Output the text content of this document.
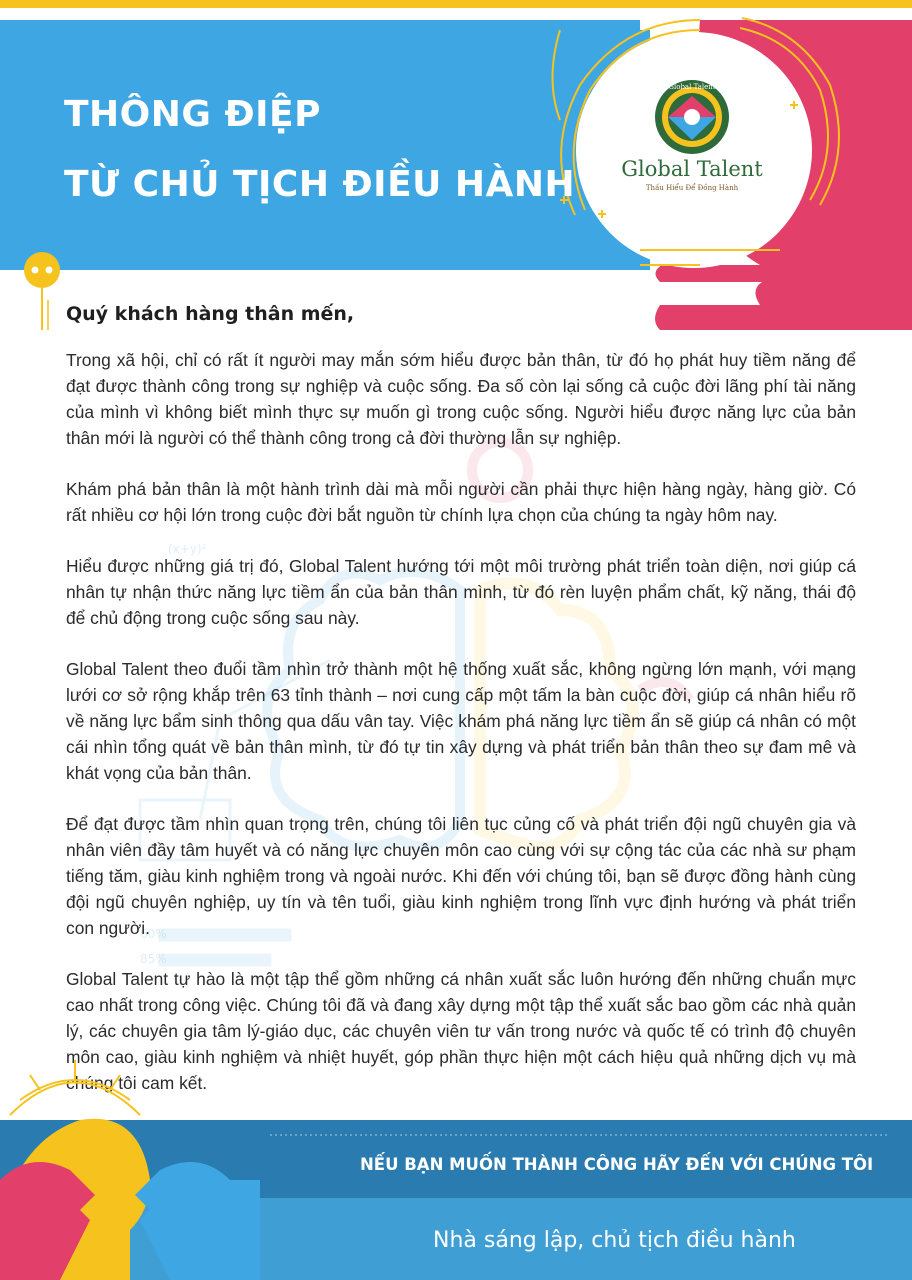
(x+y)²
60%
85%
Global Talent
THÔNG ĐIỆP
TỪ CHỦ TỊCH ĐIỀU HÀNH	Global Talent
Thấu Hiểu Để Đồng Hành

Quý khách hàng thân mến,

Trong xã hội, chỉ có rất ít người may mắn sớm hiểu được bản thân, từ đó họ phát huy tiềm năng để đạt được thành công trong sự nghiệp và cuộc sống. Đa số còn lại sống cả cuộc đời lãng phí tài năng của mình vì không biết mình thực sự muốn gì trong cuộc sống. Người hiểu được năng lực của bản thân mới là người có thể thành công trong cả đời thường lẫn sự nghiệp.

Khám phá bản thân là một hành trình dài mà mỗi người cần phải thực hiện hàng ngày, hàng giờ. Có rất nhiều cơ hội lớn trong cuộc đời bắt nguồn từ chính lựa chọn của chúng ta ngày hôm nay.

Hiểu được những giá trị đó, Global Talent hướng tới một môi trường phát triển toàn diện, nơi giúp cá nhân tự nhận thức năng lực tiềm ẩn của bản thân mình, từ đó rèn luyện phẩm chất, kỹ năng, thái độ để chủ động trong cuộc sống sau này.

Global Talent theo đuổi tầm nhìn trở thành một hệ thống xuất sắc, không ngừng lớn mạnh, với mạng lưới cơ sở rộng khắp trên 63 tỉnh thành – nơi cung cấp một tấm la bàn cuộc đời, giúp cá nhân hiểu rõ về năng lực bẩm sinh thông qua dấu vân tay. Việc khám phá năng lực tiềm ẩn sẽ giúp cá nhân có một cái nhìn tổng quát về bản thân mình, từ đó tự tin xây dựng và phát triển bản thân theo sự đam mê và khát vọng của bản thân.

Để đạt được tầm nhìn quan trọng trên, chúng tôi liên tục củng cố và phát triển đội ngũ chuyên gia và nhân viên đầy tâm huyết và có năng lực chuyên môn cao cùng với sự cộng tác của các nhà sư phạm tiếng tăm, giàu kinh nghiệm trong và ngoài nước. Khi đến với chúng tôi, bạn sẽ được đồng hành cùng đội ngũ chuyên nghiệp, uy tín và tên tuổi, giàu kinh nghiệm trong lĩnh vực định hướng và phát triển con người.

Global Talent tự hào là một tập thể gồm những cá nhân xuất sắc luôn hướng đến những chuẩn mực cao nhất trong công việc. Chúng tôi đã và đang xây dựng một tập thể xuất sắc bao gồm các nhà quản lý, các chuyên gia tâm lý-giáo dục, các chuyên viên tư vấn trong nước và quốc tế có trình độ chuyên môn cao, giàu kinh nghiệm và nhiệt huyết, góp phần thực hiện một cách hiệu quả những dịch vụ mà chúng tôi cam kết.

NẾU BẠN MUỐN THÀNH CÔNG HÃY ĐẾN VỚI CHÚNG TÔI
Nhà sáng lập, chủ tịch điều hành
